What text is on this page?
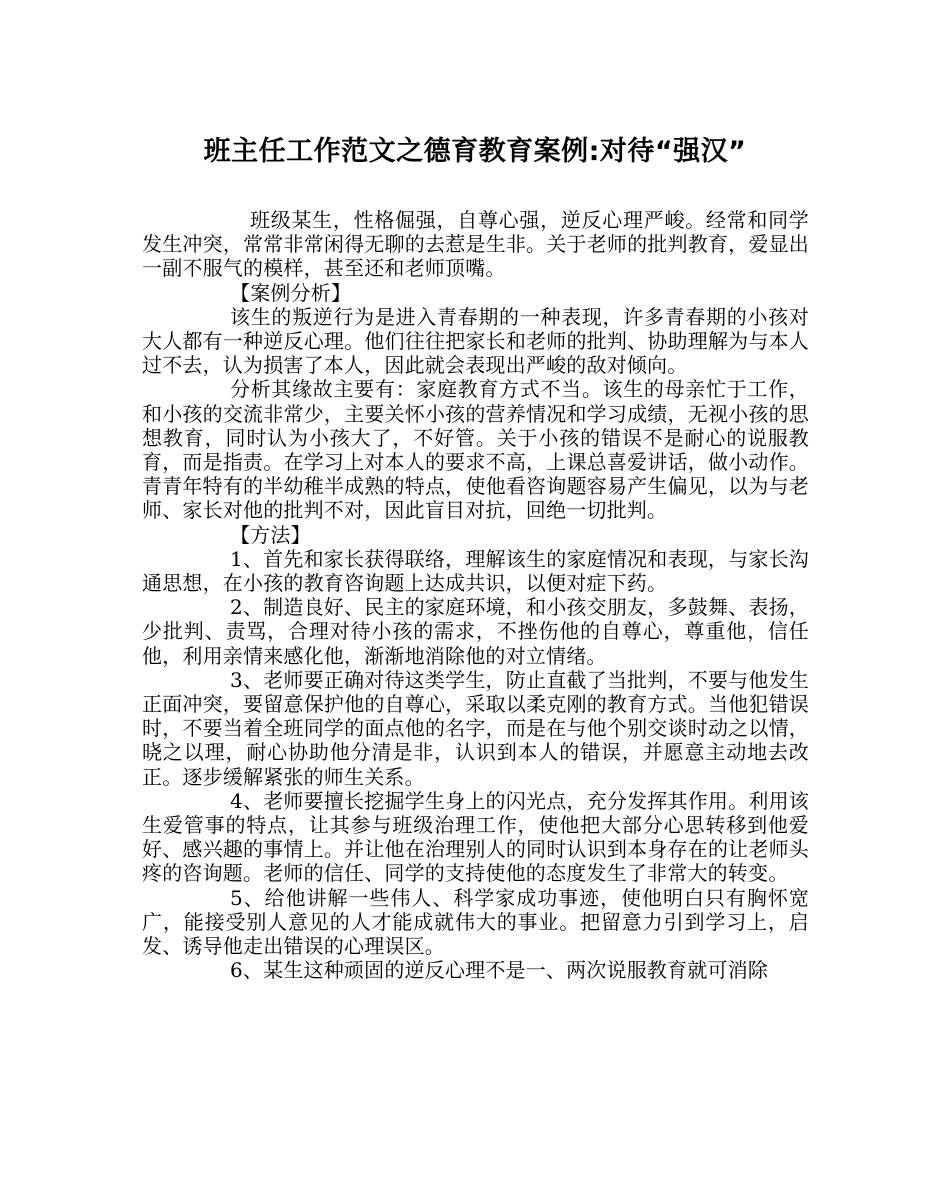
班主任工作范文之德育教育案例:对待“强汉”

班级某生，性格倔强，自尊心强，逆反心理严峻。经常和同学发生冲突，常常非常闲得无聊的去惹是生非。关于老师的批判教育，爱显出一副不服气的模样，甚至还和老师顶嘴。

【案例分析】

该生的叛逆行为是进入青春期的一种表现，许多青春期的小孩对大人都有一种逆反心理。他们往往把家长和老师的批判、协助理解为与本人过不去，认为损害了本人，因此就会表现出严峻的敌对倾向。

分析其缘故主要有：家庭教育方式不当。该生的母亲忙于工作，和小孩的交流非常少，主要关怀小孩的营养情况和学习成绩，无视小孩的思想教育，同时认为小孩大了，不好管。关于小孩的错误不是耐心的说服教育，而是指责。在学习上对本人的要求不高，上课总喜爱讲话，做小动作。青青年特有的半幼稚半成熟的特点，使他看咨询题容易产生偏见，以为与老师、家长对他的批判不对，因此盲目对抗，回绝一切批判。

【方法】

1、首先和家长获得联络，理解该生的家庭情况和表现，与家长沟通思想，在小孩的教育咨询题上达成共识，以便对症下药。

2、制造良好、民主的家庭环境，和小孩交朋友，多鼓舞、表扬，少批判、责骂，合理对待小孩的需求，不挫伤他的自尊心，尊重他，信任他，利用亲情来感化他，渐渐地消除他的对立情绪。

3、老师要正确对待这类学生，防止直截了当批判，不要与他发生正面冲突，要留意保护他的自尊心，采取以柔克刚的教育方式。当他犯错误时，不要当着全班同学的面点他的名字，而是在与他个别交谈时动之以情，晓之以理，耐心协助他分清是非，认识到本人的错误，并愿意主动地去改正。逐步缓解紧张的师生关系。

4、老师要擅长挖掘学生身上的闪光点，充分发挥其作用。利用该生爱管事的特点，让其参与班级治理工作，使他把大部分心思转移到他爱好、感兴趣的事情上。并让他在治理别人的同时认识到本身存在的让老师头疼的咨询题。老师的信任、同学的支持使他的态度发生了非常大的转变。

5、给他讲解一些伟人、科学家成功事迹，使他明白只有胸怀宽广，能接受别人意见的人才能成就伟大的事业。把留意力引到学习上，启发、诱导他走出错误的心理误区。

6、某生这种顽固的逆反心理不是一、两次说服教育就可消除
